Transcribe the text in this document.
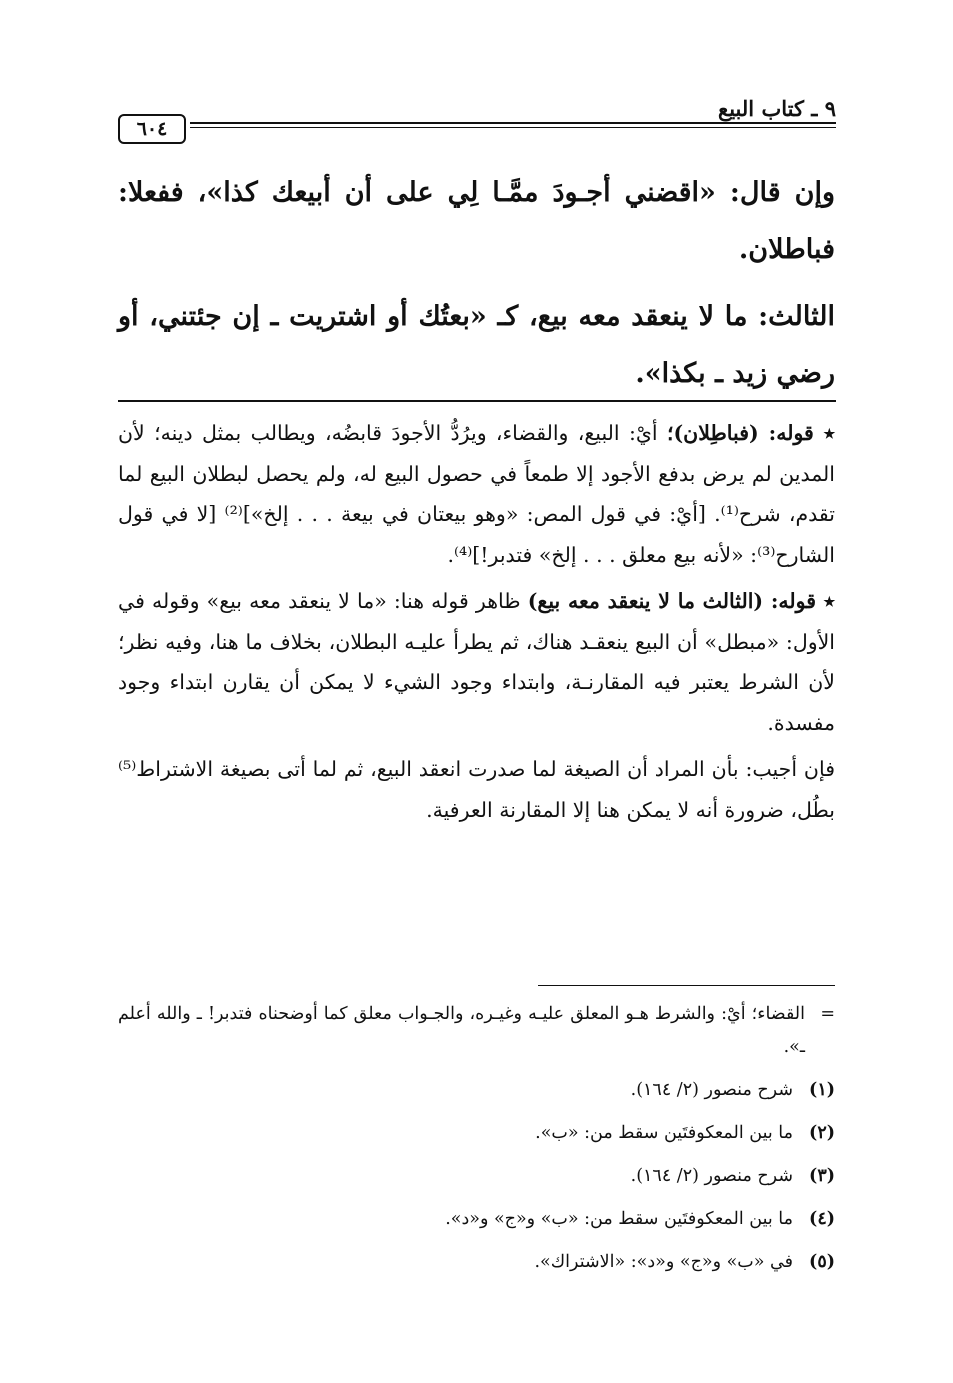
٩ ـ كتاب البيع
٦٠٤

وإن قال: «اقضني أجـودَ ممَّـا لِي على أن أبيعك كذا»، ففعلا: فباطلان.

الثالث: ما لا ينعقد معه بيع، كـ «بعتُك أو اشتريت ـ إن جئتني، أو رضي زيد ـ بكذا».

٭ قوله: (فباطِلان)؛ أيْ: البيع، والقضاء، ويرُدُّ الأجودَ قابضُه، ويطالب بمثل دينه؛ لأن المدين لم يرض بدفع الأجود إلا طمعاً في حصول البيع له، ولم يحصل لبطلان البيع لما تقدم، شرح⁽¹⁾. [أيْ: في قول المص: «وهو بيعتان في بيعة . . . إلخ»]⁽²⁾ [لا في قول الشارح⁽³⁾: «لأنه بيع معلق . . . إلخ» فتدبر!]⁽⁴⁾.

٭ قوله: (الثالث ما لا ينعقد معه بيع) ظاهر قوله هنا: «ما لا ينعقد معه بيع» وقوله في الأول: «مبطل» أن البيع ينعقـد هناك، ثم يطرأ عليـه البطلان، بخلاف ما هنا، وفيه نظر؛ لأن الشرط يعتبر فيه المقارنـة، وابتداء وجود الشيء لا يمكن أن يقارن ابتداء وجود مفسدة.

فإن أجيب: بأن المراد أن الصيغة لما صدرت انعقد البيع، ثم لما أتى بصيغة الاشتراط⁽⁵⁾ بطُل، ضرورة أنه لا يمكن هنا إلا المقارنة العرفية.

=
القضاء؛ أيْ: والشرط هـو المعلق عليـه وغيـره، والجـواب معلق كما أوضحناه فتدبر! ـ والله أعلم ـ».
(١)
شرح منصور (٢/ ١٦٤).
(٢)
ما بين المعكوفتَين سقط من: «ب».
(٣)
شرح منصور (٢/ ١٦٤).
(٤)
ما بين المعكوفتَين سقط من: «ب» و«ج» و«د».
(٥)
في «ب» و«ج» و«د»: «الاشتراك».
